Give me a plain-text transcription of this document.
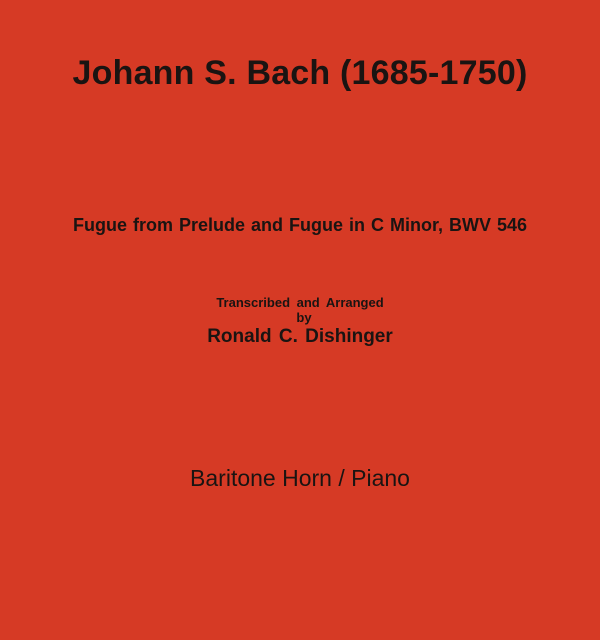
Johann S. Bach (1685-1750)
Fugue from Prelude and Fugue in C Minor, BWV 546
Transcribed and Arranged
by
Ronald C. Dishinger
Baritone Horn / Piano
